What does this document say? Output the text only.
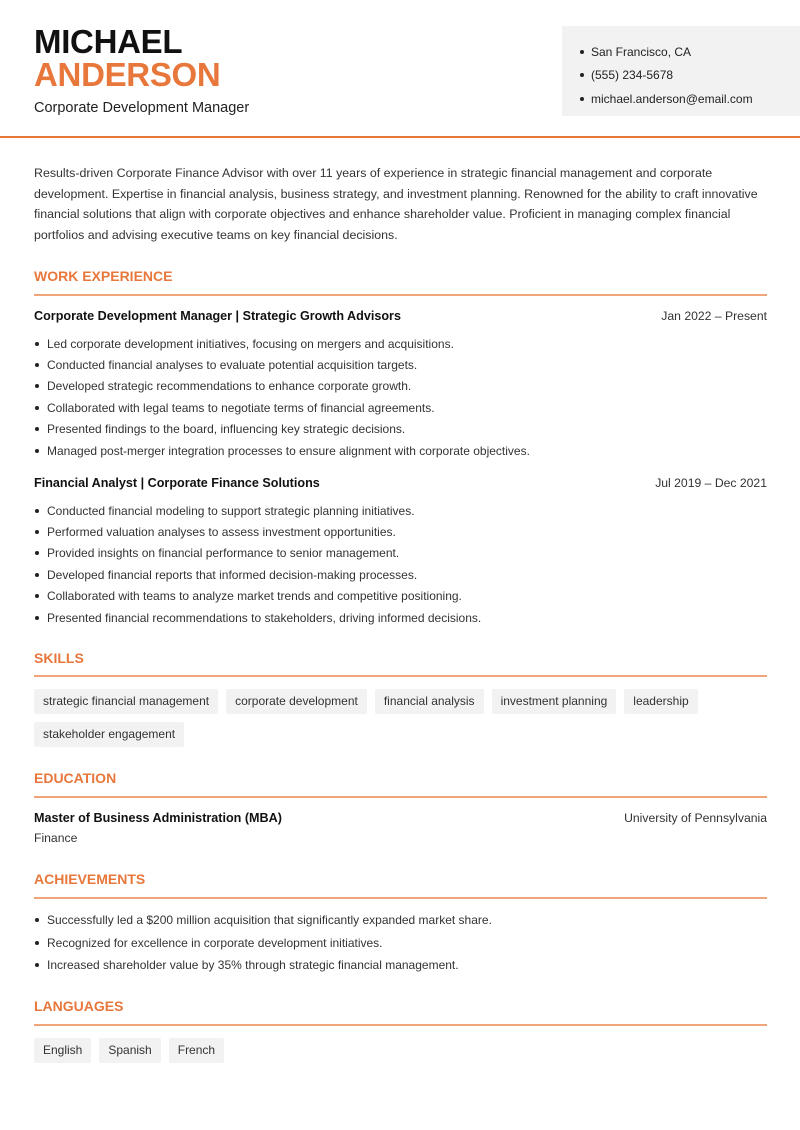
MICHAEL
ANDERSON
Corporate Development Manager
San Francisco, CA
(555) 234-5678
michael.anderson@email.com
Results-driven Corporate Finance Advisor with over 11 years of experience in strategic financial management and corporate development. Expertise in financial analysis, business strategy, and investment planning. Renowned for the ability to craft innovative financial solutions that align with corporate objectives and enhance shareholder value. Proficient in managing complex financial portfolios and advising executive teams on key financial decisions.
WORK EXPERIENCE
Corporate Development Manager | Strategic Growth Advisors	Jan 2022 – Present
Led corporate development initiatives, focusing on mergers and acquisitions.
Conducted financial analyses to evaluate potential acquisition targets.
Developed strategic recommendations to enhance corporate growth.
Collaborated with legal teams to negotiate terms of financial agreements.
Presented findings to the board, influencing key strategic decisions.
Managed post-merger integration processes to ensure alignment with corporate objectives.
Financial Analyst | Corporate Finance Solutions	Jul 2019 – Dec 2021
Conducted financial modeling to support strategic planning initiatives.
Performed valuation analyses to assess investment opportunities.
Provided insights on financial performance to senior management.
Developed financial reports that informed decision-making processes.
Collaborated with teams to analyze market trends and competitive positioning.
Presented financial recommendations to stakeholders, driving informed decisions.
SKILLS
strategic financial management	corporate development	financial analysis	investment planning	leadership
stakeholder engagement
EDUCATION
Master of Business Administration (MBA)	University of Pennsylvania
Finance
ACHIEVEMENTS
Successfully led a $200 million acquisition that significantly expanded market share.
Recognized for excellence in corporate development initiatives.
Increased shareholder value by 35% through strategic financial management.
LANGUAGES
English	Spanish	French
